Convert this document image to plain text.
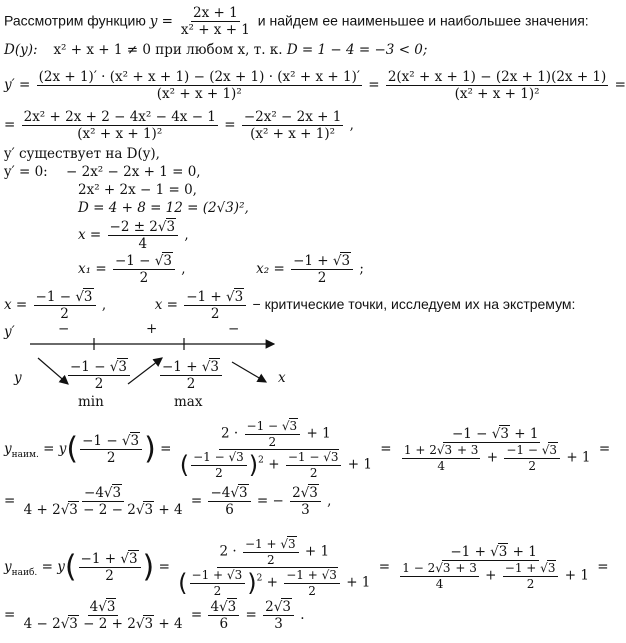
Рассмотрим функцию $y = \frac{2x + 1}{\text{x² + x + 1}}$ и найдем ее наименьшее и наибольшее значения:
D(y): x² + x + 1 ≠ 0 при любом x, т. к. D = 1 − 4 = −3 < 0;
$y' = \frac{\text{(2x + 1)′ · (x² + x + 1) − (2x + 1) · (x² + x + 1)′}}{\text{(x² + x + 1)²}} = \frac{\text{2(x² + x + 1) − (2x + 1)(2x + 1)}}{\text{(x² + x + 1)²}}$ =
= $\frac{\text{2x² + 2x + 2 − 4x² − 4x − 1}}{\text{(x² + x + 1)²}} = \frac{\text{−2x² − 2x + 1}}{\text{(x² + x + 1)²}}$ ,
y′ существует на D(y),
y′ = 0: − 2x² − 2x + 1 = 0,
2x² + 2x − 1 = 0,
D = 4 + 8 = 12 = (2√3)²,
$x = \frac{-2 \pm 2√3}{4}$ ,
$x_1 = \frac{-1 - √3}{2}$ ,	$x_2 = \frac{-1 + √3}{2}$ ;
$x = \frac{-1 - √3}{2}$ ,	$x = \frac{-1 + √3}{2}$ − критические точки, исследуем их на экстремум:
y′	−	+	−
y	x
$\frac{-1 - √3}{2} \frac{-1 + √3}{2}$
min	max
$y_{наим.} = y( \frac{-1 - √3}{2}$ ) = $\frac{2 \cdot \frac{-1 - √3}{2} + 1}{( \frac{-1 - √3}{2} )^2 + \frac{-1 - √3}{2} + 1} = \frac{-1 - √3 + 1}{\frac{1 + 2√3 + 3}{4} + \frac{-1 - √3}{2} + 1}$ =
= $\frac{-4√3}{4 + 2√3 - 2 - 2√3 + 4} = \frac{-4√3}{6}$ = − $\frac{2√3}{3}$ ,
$y_{наиб.} = y( \frac{-1 + √3}{2}$ ) = $\frac{2 \cdot \frac{-1 + √3}{2} + 1}{( \frac{-1 + √3}{2} )^2 + \frac{-1 + √3}{2} + 1} = \frac{-1 + √3 + 1}{\frac{1 - 2√3 + 3}{4} + \frac{-1 + √3}{2} + 1}$ =
= $\frac{4√3}{4 - 2√3 - 2 + 2√3 + 4} = \frac{4√3}{6} = \frac{2√3}{3}$ .
